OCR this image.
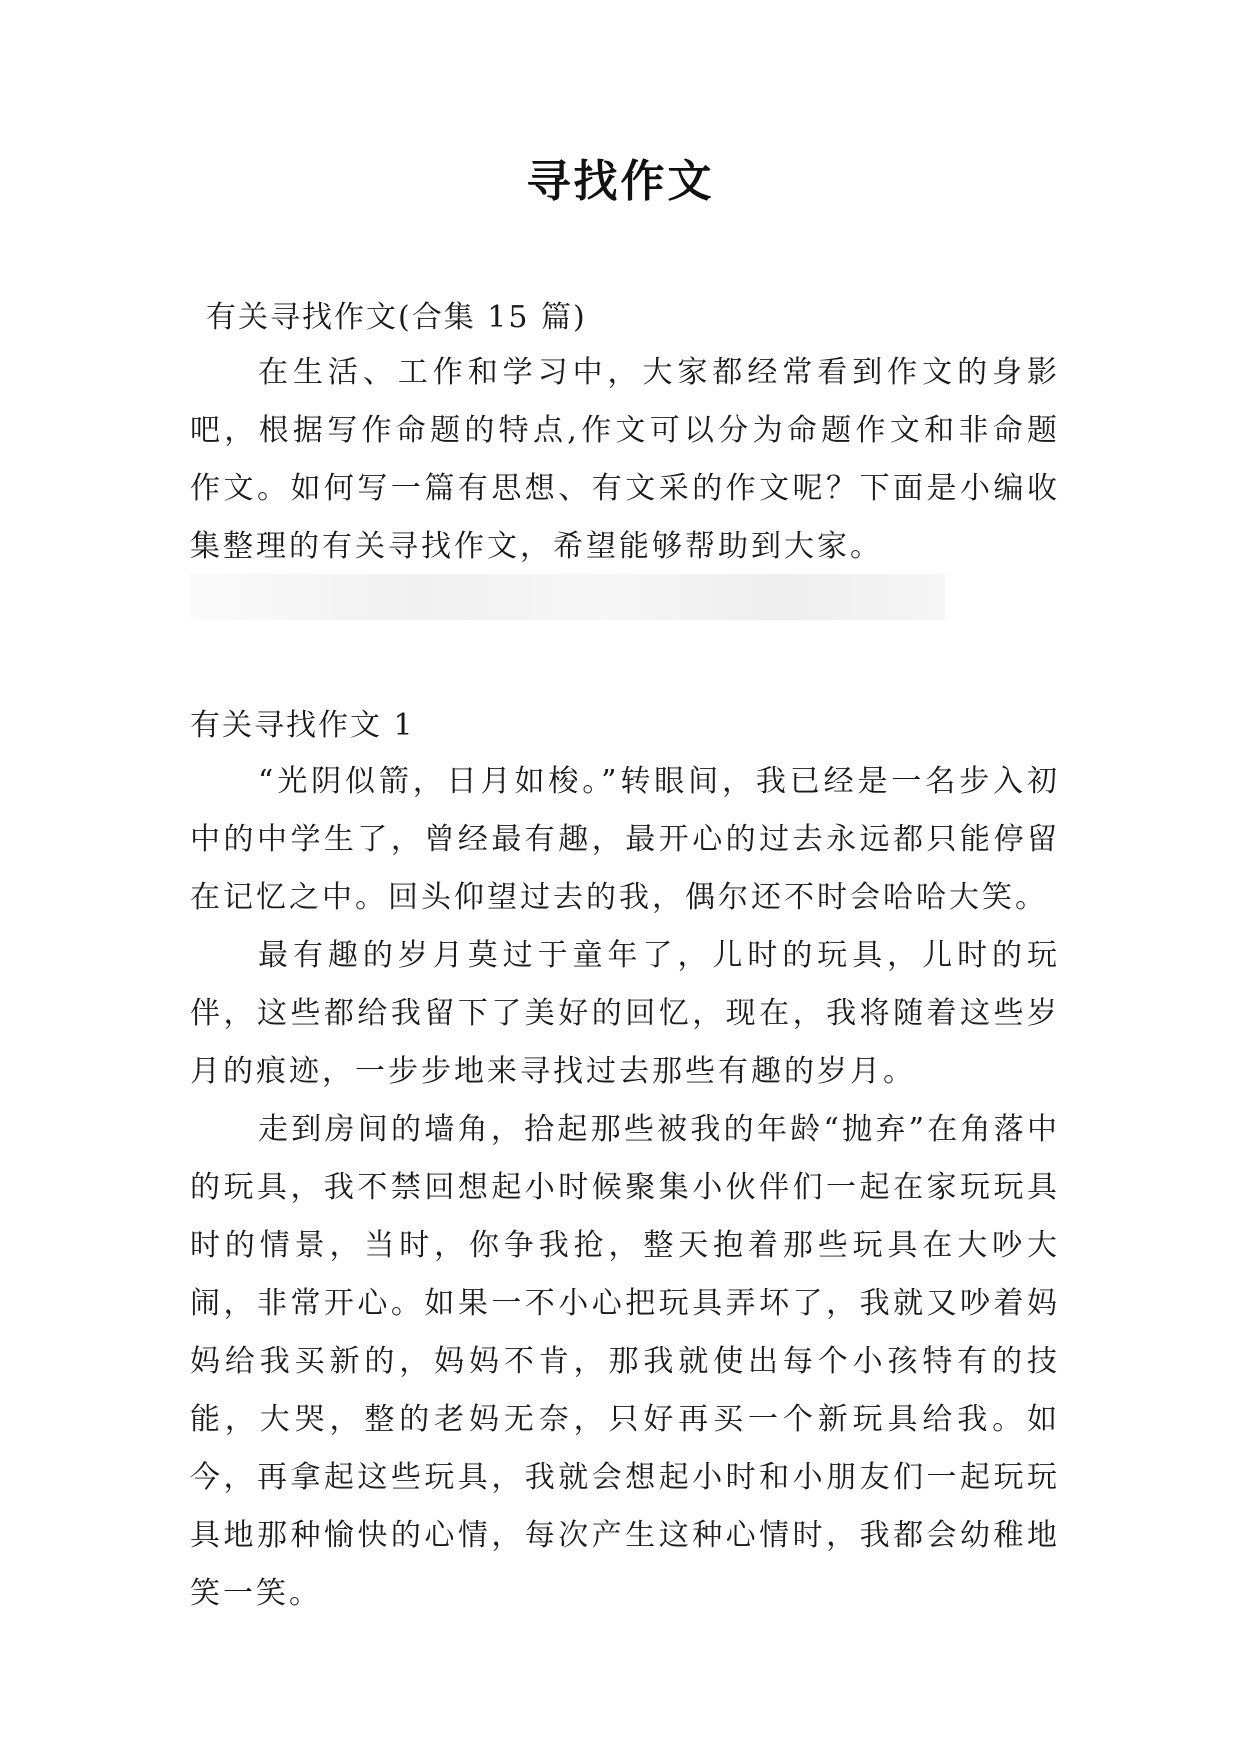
寻找作文
有关寻找作文(合集 15 篇)
在生活、工作和学习中，大家都经常看到作文的身影吧，根据写作命题的特点,作文可以分为命题作文和非命题作文。如何写一篇有思想、有文采的作文呢？下面是小编收集整理的有关寻找作文，希望能够帮助到大家。
有关寻找作文 1
“光阴似箭，日月如梭。”转眼间，我已经是一名步入初中的中学生了，曾经最有趣，最开心的过去永远都只能停留在记忆之中。回头仰望过去的我，偶尔还不时会哈哈大笑。
最有趣的岁月莫过于童年了，儿时的玩具，儿时的玩伴，这些都给我留下了美好的回忆，现在，我将随着这些岁月的痕迹，一步步地来寻找过去那些有趣的岁月。
走到房间的墙角，拾起那些被我的年龄“抛弃”在角落中的玩具，我不禁回想起小时候聚集小伙伴们一起在家玩玩具时的情景，当时，你争我抢，整天抱着那些玩具在大吵大闹，非常开心。如果一不小心把玩具弄坏了，我就又吵着妈妈给我买新的，妈妈不肯，那我就使出每个小孩特有的技能，大哭，整的老妈无奈，只好再买一个新玩具给我。如今，再拿起这些玩具，我就会想起小时和小朋友们一起玩玩具地那种愉快的心情，每次产生这种心情时，我都会幼稚地笑一笑。
